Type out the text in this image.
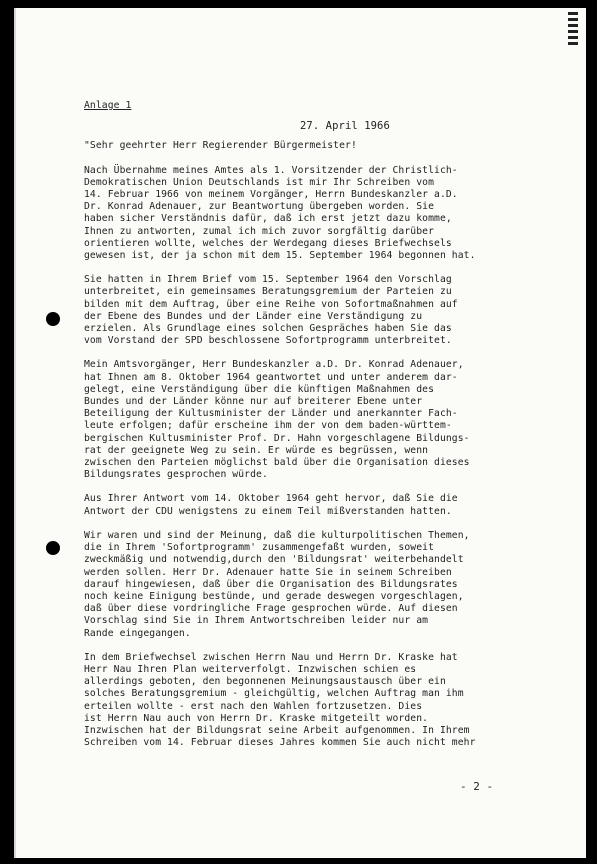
Anlage 1
27. April 1966
"Sehr geehrter Herr Regierender Bürgermeister!

Nach Übernahme meines Amtes als 1. Vorsitzender der Christlich-
Demokratischen Union Deutschlands ist mir Ihr Schreiben vom
14. Februar 1966 von meinem Vorgänger, Herrn Bundeskanzler a.D.
Dr. Konrad Adenauer, zur Beantwortung übergeben worden. Sie
haben sicher Verständnis dafür, daß ich erst jetzt dazu komme,
Ihnen zu antworten, zumal ich mich zuvor sorgfältig darüber
orientieren wollte, welches der Werdegang dieses Briefwechsels
gewesen ist, der ja schon mit dem 15. September 1964 begonnen hat.

Sie hatten in Ihrem Brief vom 15. September 1964 den Vorschlag
unterbreitet, ein gemeinsames Beratungsgremium der Parteien zu
bilden mit dem Auftrag, über eine Reihe von Sofortmaßnahmen auf
der Ebene des Bundes und der Länder eine Verständigung zu
erzielen. Als Grundlage eines solchen Gespräches haben Sie das
vom Vorstand der SPD beschlossene Sofortprogramm unterbreitet.

Mein Amtsvorgänger, Herr Bundeskanzler a.D. Dr. Konrad Adenauer,
hat Ihnen am 8. Oktober 1964 geantwortet und unter anderem dar-
gelegt, eine Verständigung über die künftigen Maßnahmen des
Bundes und der Länder könne nur auf breiterer Ebene unter
Beteiligung der Kultusminister der Länder und anerkannter Fach-
leute erfolgen; dafür erscheine ihm der von dem baden-württem-
bergischen Kultusminister Prof. Dr. Hahn vorgeschlagene Bildungs-
rat der geeignete Weg zu sein. Er würde es begrüssen, wenn
zwischen den Parteien möglichst bald über die Organisation dieses
Bildungsrates gesprochen würde.

Aus Ihrer Antwort vom 14. Oktober 1964 geht hervor, daß Sie die
Antwort der CDU wenigstens zu einem Teil mißverstanden hatten.

Wir waren und sind der Meinung, daß die kulturpolitischen Themen,
die in Ihrem 'Sofortprogramm' zusammengefaßt wurden, soweit
zweckmäßig und notwendig,durch den 'Bildungsrat' weiterbehandelt
werden sollen. Herr Dr. Adenauer hatte Sie in seinem Schreiben
darauf hingewiesen, daß über die Organisation des Bildungsrates
noch keine Einigung bestünde, und gerade deswegen vorgeschlagen,
daß über diese vordringliche Frage gesprochen würde. Auf diesen
Vorschlag sind Sie in Ihrem Antwortschreiben leider nur am
Rande eingegangen.

In dem Briefwechsel zwischen Herrn Nau und Herrn Dr. Kraske hat
Herr Nau Ihren Plan weiterverfolgt. Inzwischen schien es
allerdings geboten, den begonnenen Meinungsaustausch über ein
solches Beratungsgremium - gleichgültig, welchen Auftrag man ihm
erteilen wollte - erst nach den Wahlen fortzusetzen. Dies
ist Herrn Nau auch von Herrn Dr. Kraske mitgeteilt worden.
Inzwischen hat der Bildungsrat seine Arbeit aufgenommen. In Ihrem
Schreiben vom 14. Februar dieses Jahres kommen Sie auch nicht mehr

- 2 -
